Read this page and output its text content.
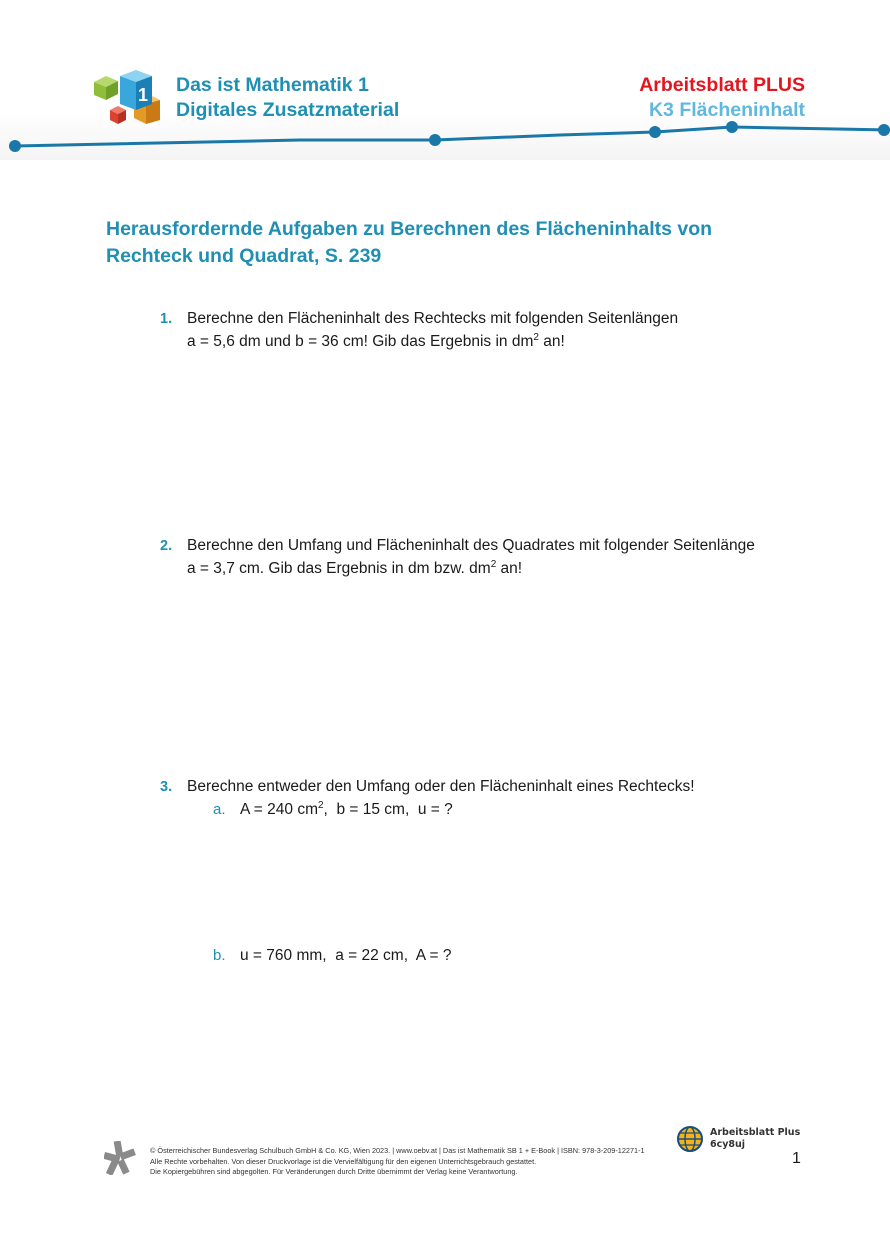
1 Das ist Mathematik 1
Digitales Zusatzmaterial
Arbeitsblatt PLUS
K3 Flächeninhalt
Herausfordernde Aufgaben zu Berechnen des Flächeninhalts von
Rechteck und Quadrat, S. 239
1. Berechne den Flächeninhalt des Rechtecks mit folgenden Seitenlängen
a = 5,6 dm und b = 36 cm! Gib das Ergebnis in $dm^2$ an!
2. Berechne den Umfang und Flächeninhalt des Quadrates mit folgender Seitenlänge
a = 3,7 cm. Gib das Ergebnis in dm bzw. $dm^2$ an!
3. Berechne entweder den Umfang oder den Flächeninhalt eines Rechtecks!
a. A = 240 $cm^2$,  b = 15 cm,  u = ?
b. u = 760 mm,  a = 22 cm,  A = ?
© Österreichischer Bundesverlag Schulbuch GmbH & Co. KG, Wien 2023. | www.oebv.at | Das ist Mathematik SB 1 + E-Book | ISBN: 978-3-209-12271-1
Alle Rechte vorbehalten. Von dieser Druckvorlage ist die Vervielfältigung für den eigenen Unterrichtsgebrauch gestattet.
Die Kopiergebühren sind abgegolten. Für Veränderungen durch Dritte übernimmt der Verlag keine Verantwortung.
Arbeitsblatt Plus
6cy8uj
1
